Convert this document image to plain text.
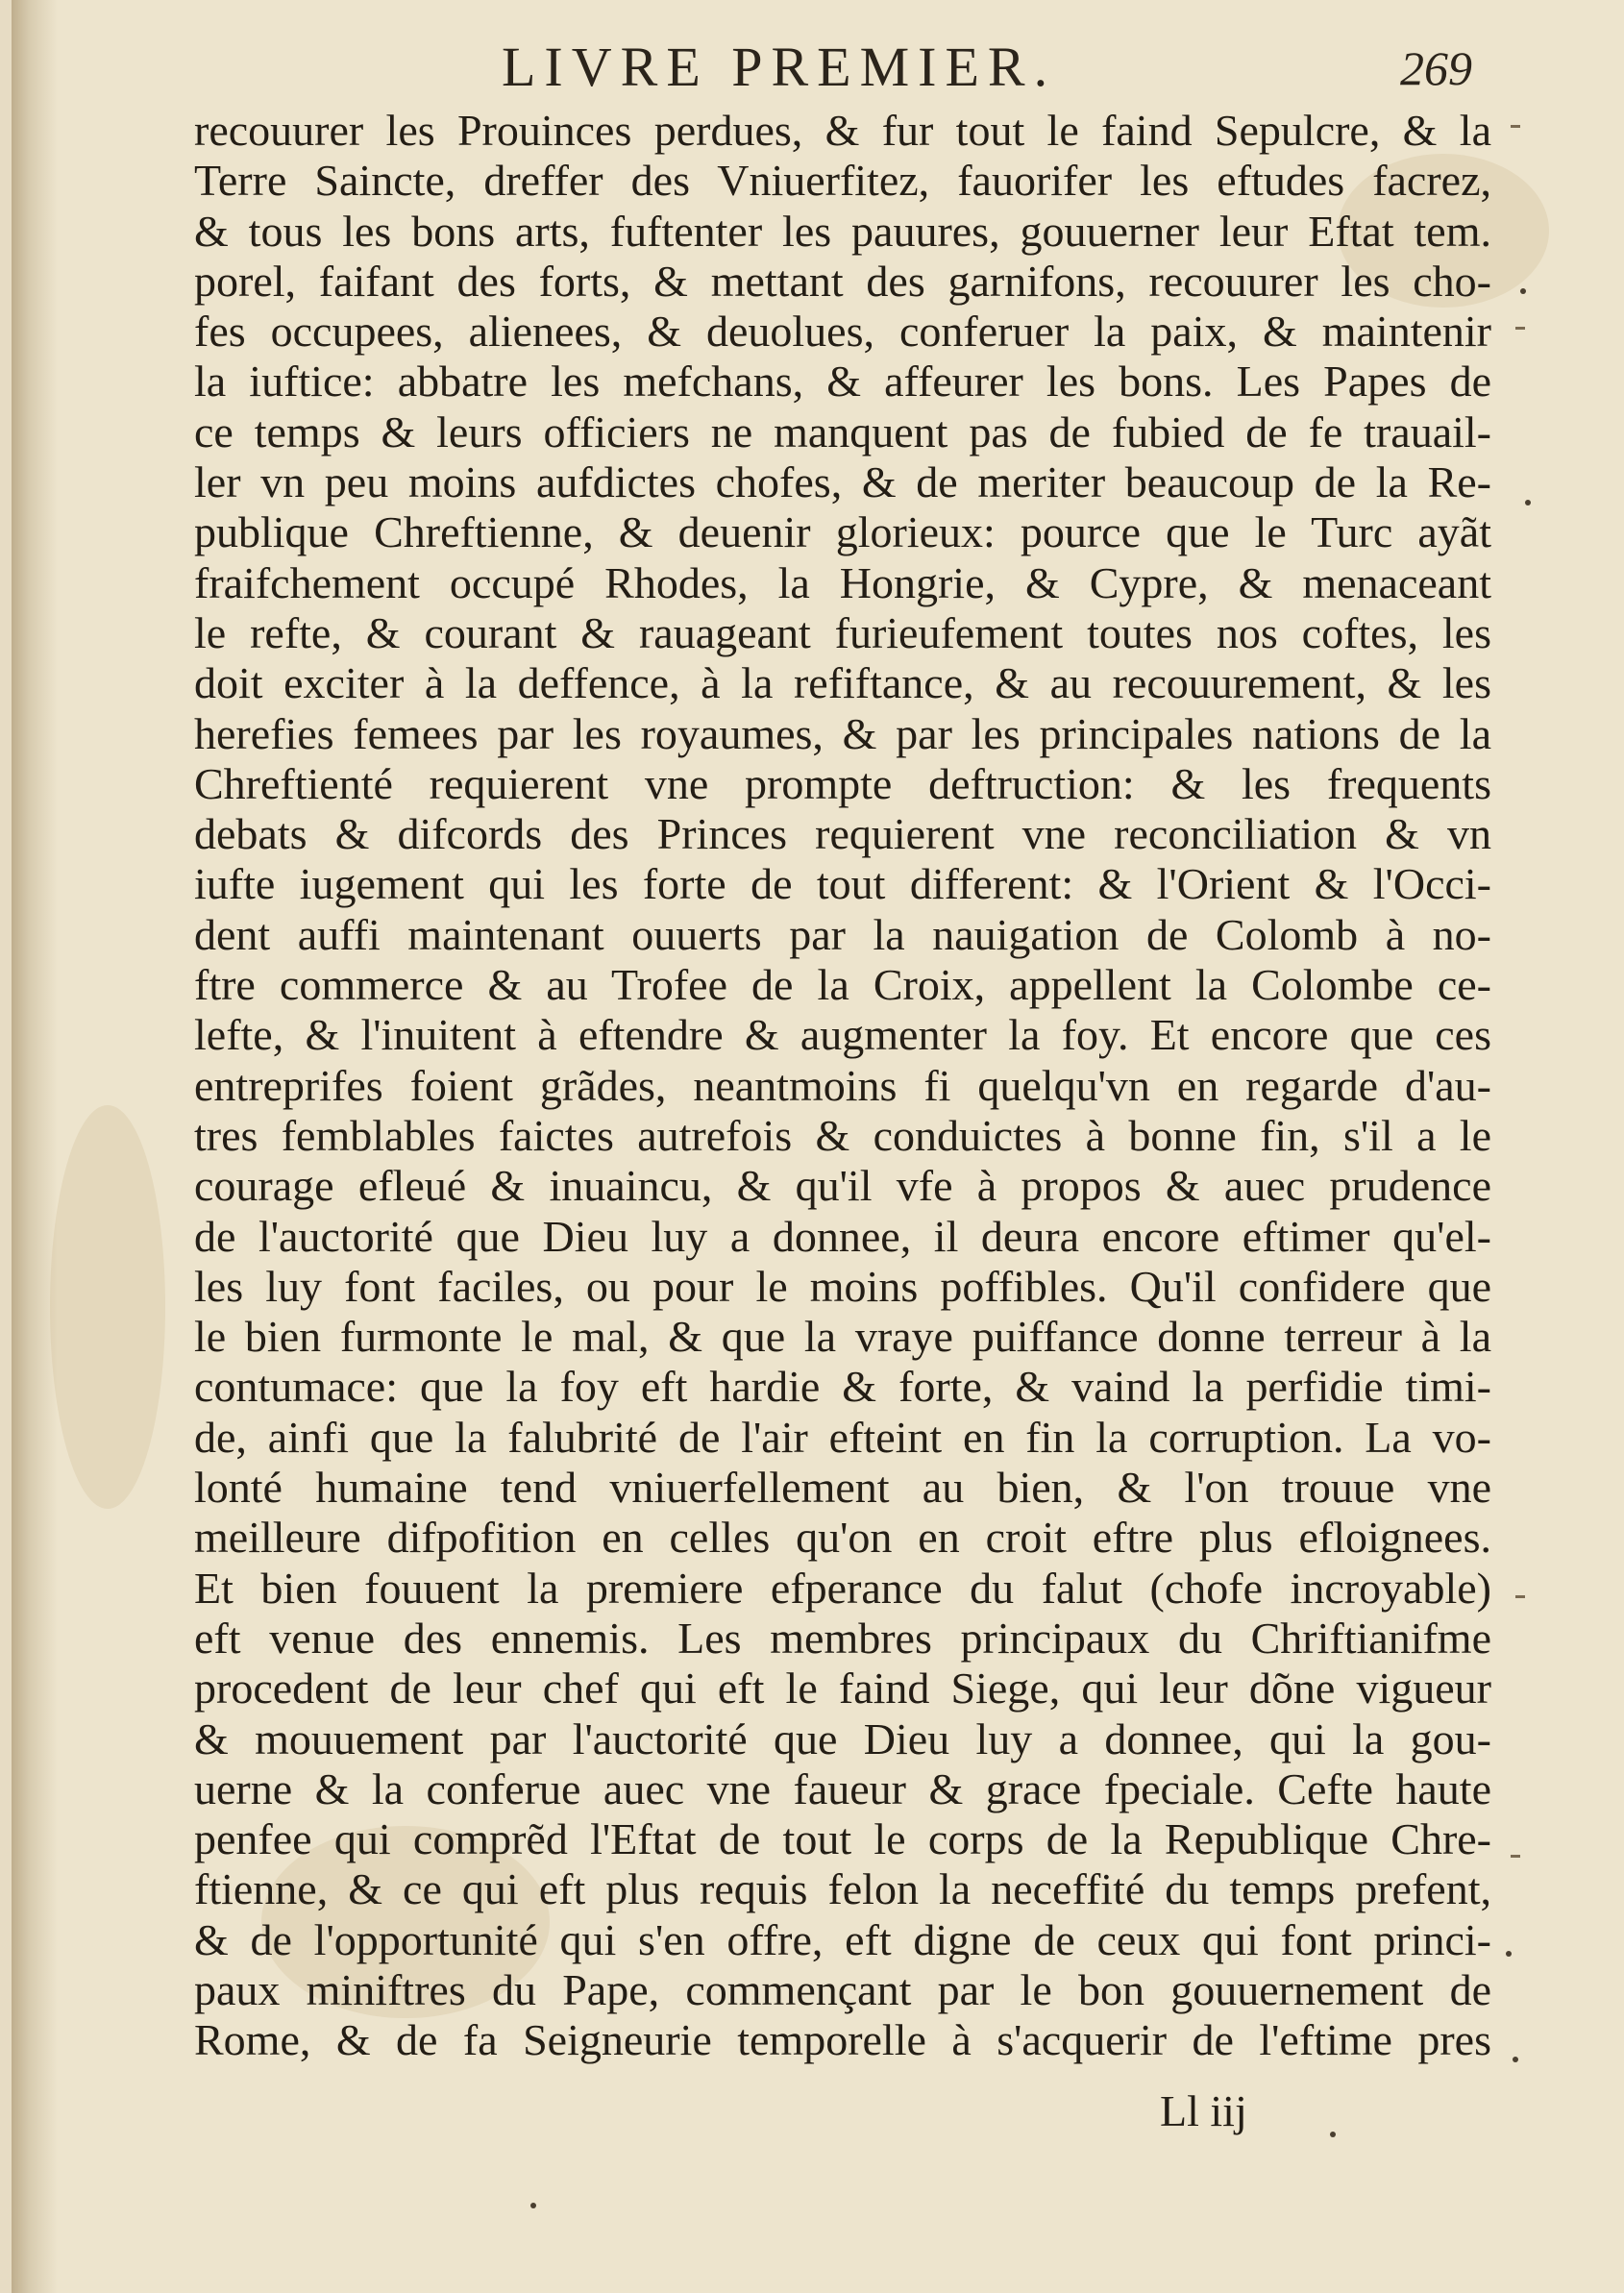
LIVRE PREMIER.	269
recouurer les Prouinces perdues, & fur tout le faind Sepulcre, & la
Terre Saincte, dreffer des Vniuerfitez, fauorifer les eftudes facrez,
& tous les bons arts, fuftenter les pauures, gouuerner leur Eftat tem.
porel, faifant des forts, & mettant des garnifons, recouurer les cho-
fes occupees, alienees, & deuolues, conferuer la paix, & maintenir
la iuftice: abbatre les mefchans, & affeurer les bons. Les Papes de
ce temps & leurs officiers ne manquent pas de fubied de fe trauail-
ler vn peu moins aufdictes chofes, & de meriter beaucoup de la Re-
publique Chreftienne, & deuenir glorieux: pource que le Turc ayãt
fraifchement occupé Rhodes, la Hongrie, & Cypre, & menaceant
le refte, & courant & rauageant furieufement toutes nos coftes, les
doit exciter à la deffence, à la refiftance, & au recouurement, & les
herefies femees par les royaumes, & par les principales nations de la
Chreftienté requierent vne prompte deftruction: & les frequents
debats & difcords des Princes requierent vne reconciliation & vn
iufte iugement qui les forte de tout different: & l'Orient & l'Occi-
dent auffi maintenant ouuerts par la nauigation de Colomb à no-
ftre commerce & au Trofee de la Croix, appellent la Colombe ce-
lefte, & l'inuitent à eftendre & augmenter la foy. Et encore que ces
entreprifes foient grãdes, neantmoins fi quelqu'vn en regarde d'au-
tres femblables faictes autrefois & conduictes à bonne fin, s'il a le
courage efleué & inuaincu, & qu'il vfe à propos & auec prudence
de l'auctorité que Dieu luy a donnee, il deura encore eftimer qu'el-
les luy font faciles, ou pour le moins poffibles. Qu'il confidere que
le bien furmonte le mal, & que la vraye puiffance donne terreur à la
contumace: que la foy eft hardie & forte, & vaind la perfidie timi-
de, ainfi que la falubrité de l'air efteint en fin la corruption. La vo-
lonté humaine tend vniuerfellement au bien, & l'on trouue vne
meilleure difpofition en celles qu'on en croit eftre plus efloignees.
Et bien fouuent la premiere efperance du falut (chofe incroyable)
eft venue des ennemis. Les membres principaux du Chriftianifme
procedent de leur chef qui eft le faind Siege, qui leur dõne vigueur
& mouuement par l'auctorité que Dieu luy a donnee, qui la gou-
uerne & la conferue auec vne faueur & grace fpeciale. Cefte haute
penfee qui comprẽd l'Eftat de tout le corps de la Republique Chre-
ftienne, & ce qui eft plus requis felon la neceffité du temps prefent,
& de l'opportunité qui s'en offre, eft digne de ceux qui font princi-
paux miniftres du Pape, commençant par le bon gouuernement de
Rome, & de fa Seigneurie temporelle à s'acquerir de l'eftime pres
Ll iij
